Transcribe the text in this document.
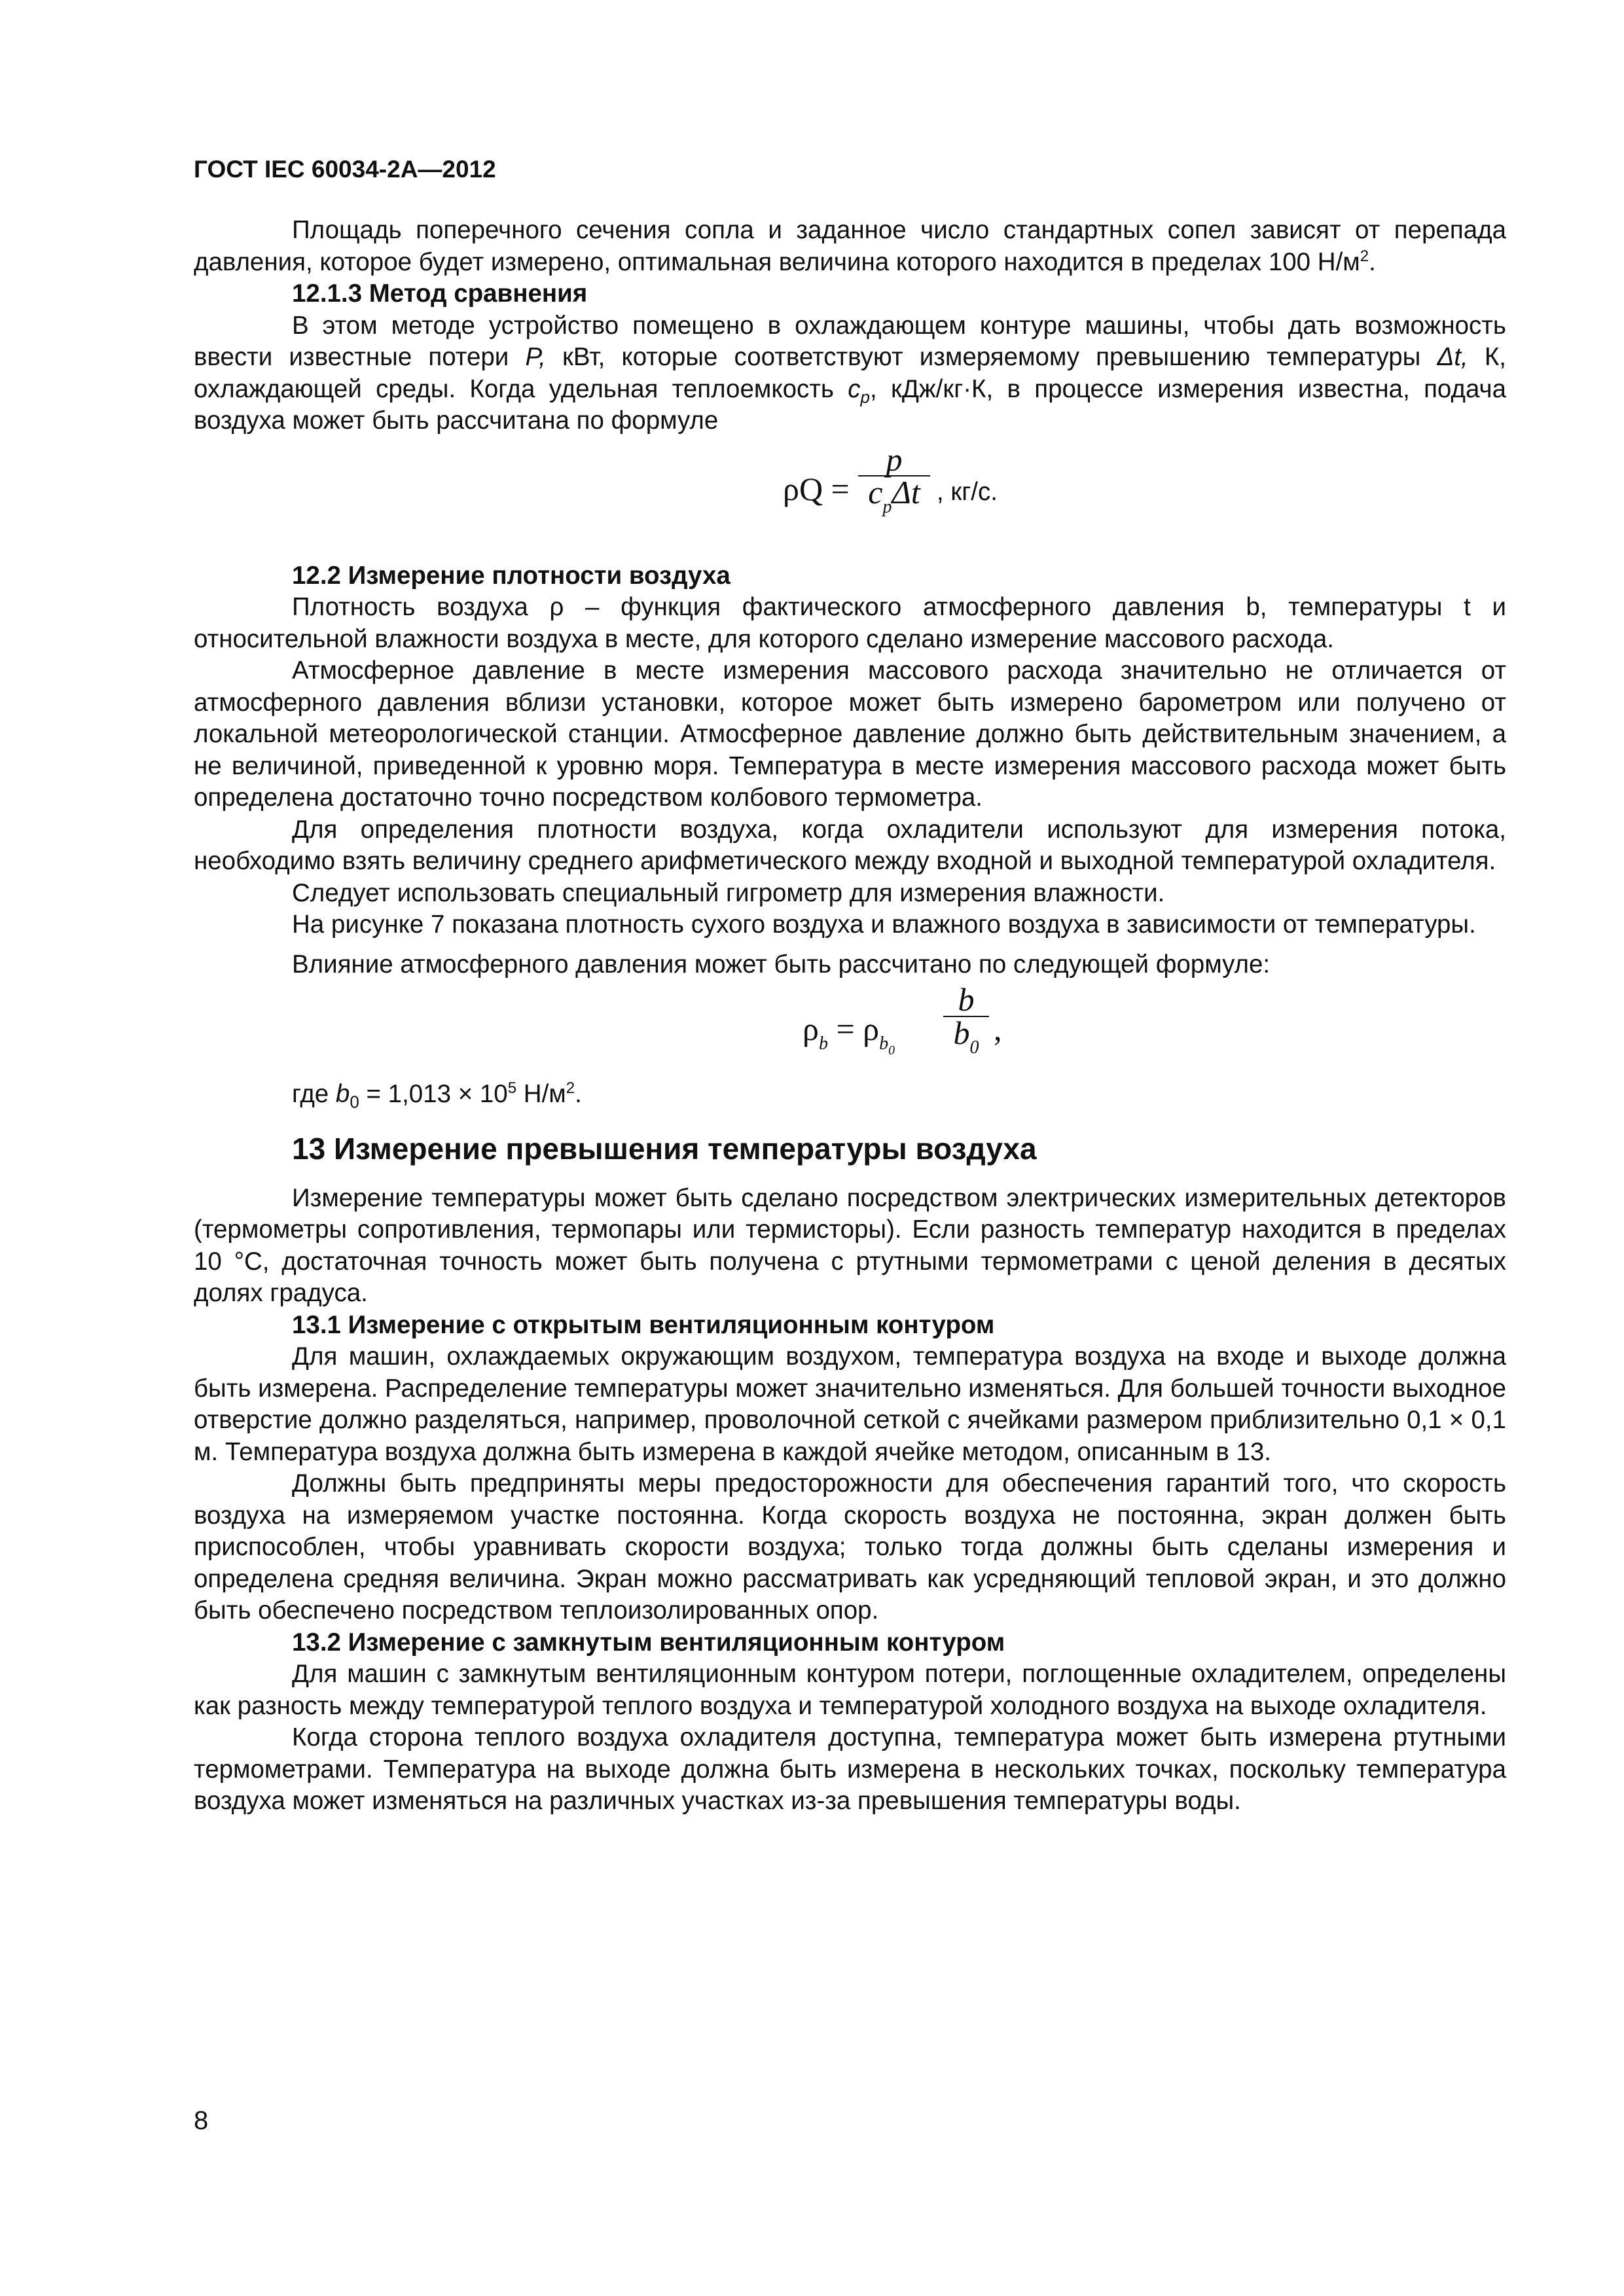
ГОСТ IEC 60034-2A—2012

Площадь поперечного сечения сопла и заданное число стандартных сопел зависят от перепада давления, которое будет измерено, оптимальная величина которого находится в пределах 100 $Н/м^2$.

12.1.3 Метод сравнения

В этом методе устройство помещено в охлаждающем контуре машины, чтобы дать возможность ввести известные потери P, кВт, которые соответствуют измеряемому превышению температуры Δt, К, охлаждающей среды. Когда удельная теплоемкость $c_p$, кДж/кг·К, в процессе измерения известна, подача воздуха может быть рассчитана по формуле

ρQ =
p
$c_p\Delta t$ , кг/с.
12.2 Измерение плотности воздуха

Плотность воздуха ρ – функция фактического атмосферного давления b, температуры t и относительной влажности воздуха в месте, для которого сделано измерение массового расхода.

Атмосферное давление в месте измерения массового расхода значительно не отличается от атмосферного давления вблизи установки, которое может быть измерено барометром или получено от локальной метеорологической станции. Атмосферное давление должно быть действительным значением, а не величиной, приведенной к уровню моря. Температура в месте измерения массового расхода может быть определена достаточно точно посредством колбового термометра.

Для определения плотности воздуха, когда охладители используют для измерения потока, необходимо взять величину среднего арифметического между входной и выходной температурой охладителя.

Следует использовать специальный гигрометр для измерения влажности.

На рисунке 7 показана плотность сухого воздуха и влажного воздуха в зависимости от температуры.

Влияние атмосферного давления может быть рассчитано по следующей формуле:

$\rho_b = \rho_{b0}$
b
$b_0$ ,

где $b_0 = 1,013 \times 10^5$ $Н/м^2$.

13 Измерение превышения температуры воздуха

Измерение температуры может быть сделано посредством электрических измерительных детекторов (термометры сопротивления, термопары или термисторы). Если разность температур находится в пределах 10 °С, достаточная точность может быть получена с ртутными термометрами с ценой деления в десятых долях градуса.

13.1 Измерение с открытым вентиляционным контуром

Для машин, охлаждаемых окружающим воздухом, температура воздуха на входе и выходе должна быть измерена. Распределение температуры может значительно изменяться. Для большей точности выходное отверстие должно разделяться, например, проволочной сеткой с ячейками размером приблизительно 0,1 × 0,1 м. Температура воздуха должна быть измерена в каждой ячейке методом, описанным в 13.

Должны быть предприняты меры предосторожности для обеспечения гарантий того, что скорость воздуха на измеряемом участке постоянна. Когда скорость воздуха не постоянна, экран должен быть приспособлен, чтобы уравнивать скорости воздуха; только тогда должны быть сделаны измерения и определена средняя величина. Экран можно рассматривать как усредняющий тепловой экран, и это должно быть обеспечено посредством теплоизолированных опор.

13.2 Измерение с замкнутым вентиляционным контуром

Для машин с замкнутым вентиляционным контуром потери, поглощенные охладителем, определены как разность между температурой теплого воздуха и температурой холодного воздуха на выходе охладителя.

Когда сторона теплого воздуха охладителя доступна, температура может быть измерена ртутными термометрами. Температура на выходе должна быть измерена в нескольких точках, поскольку температура воздуха может изменяться на различных участках из-за превышения температуры воды.

8
